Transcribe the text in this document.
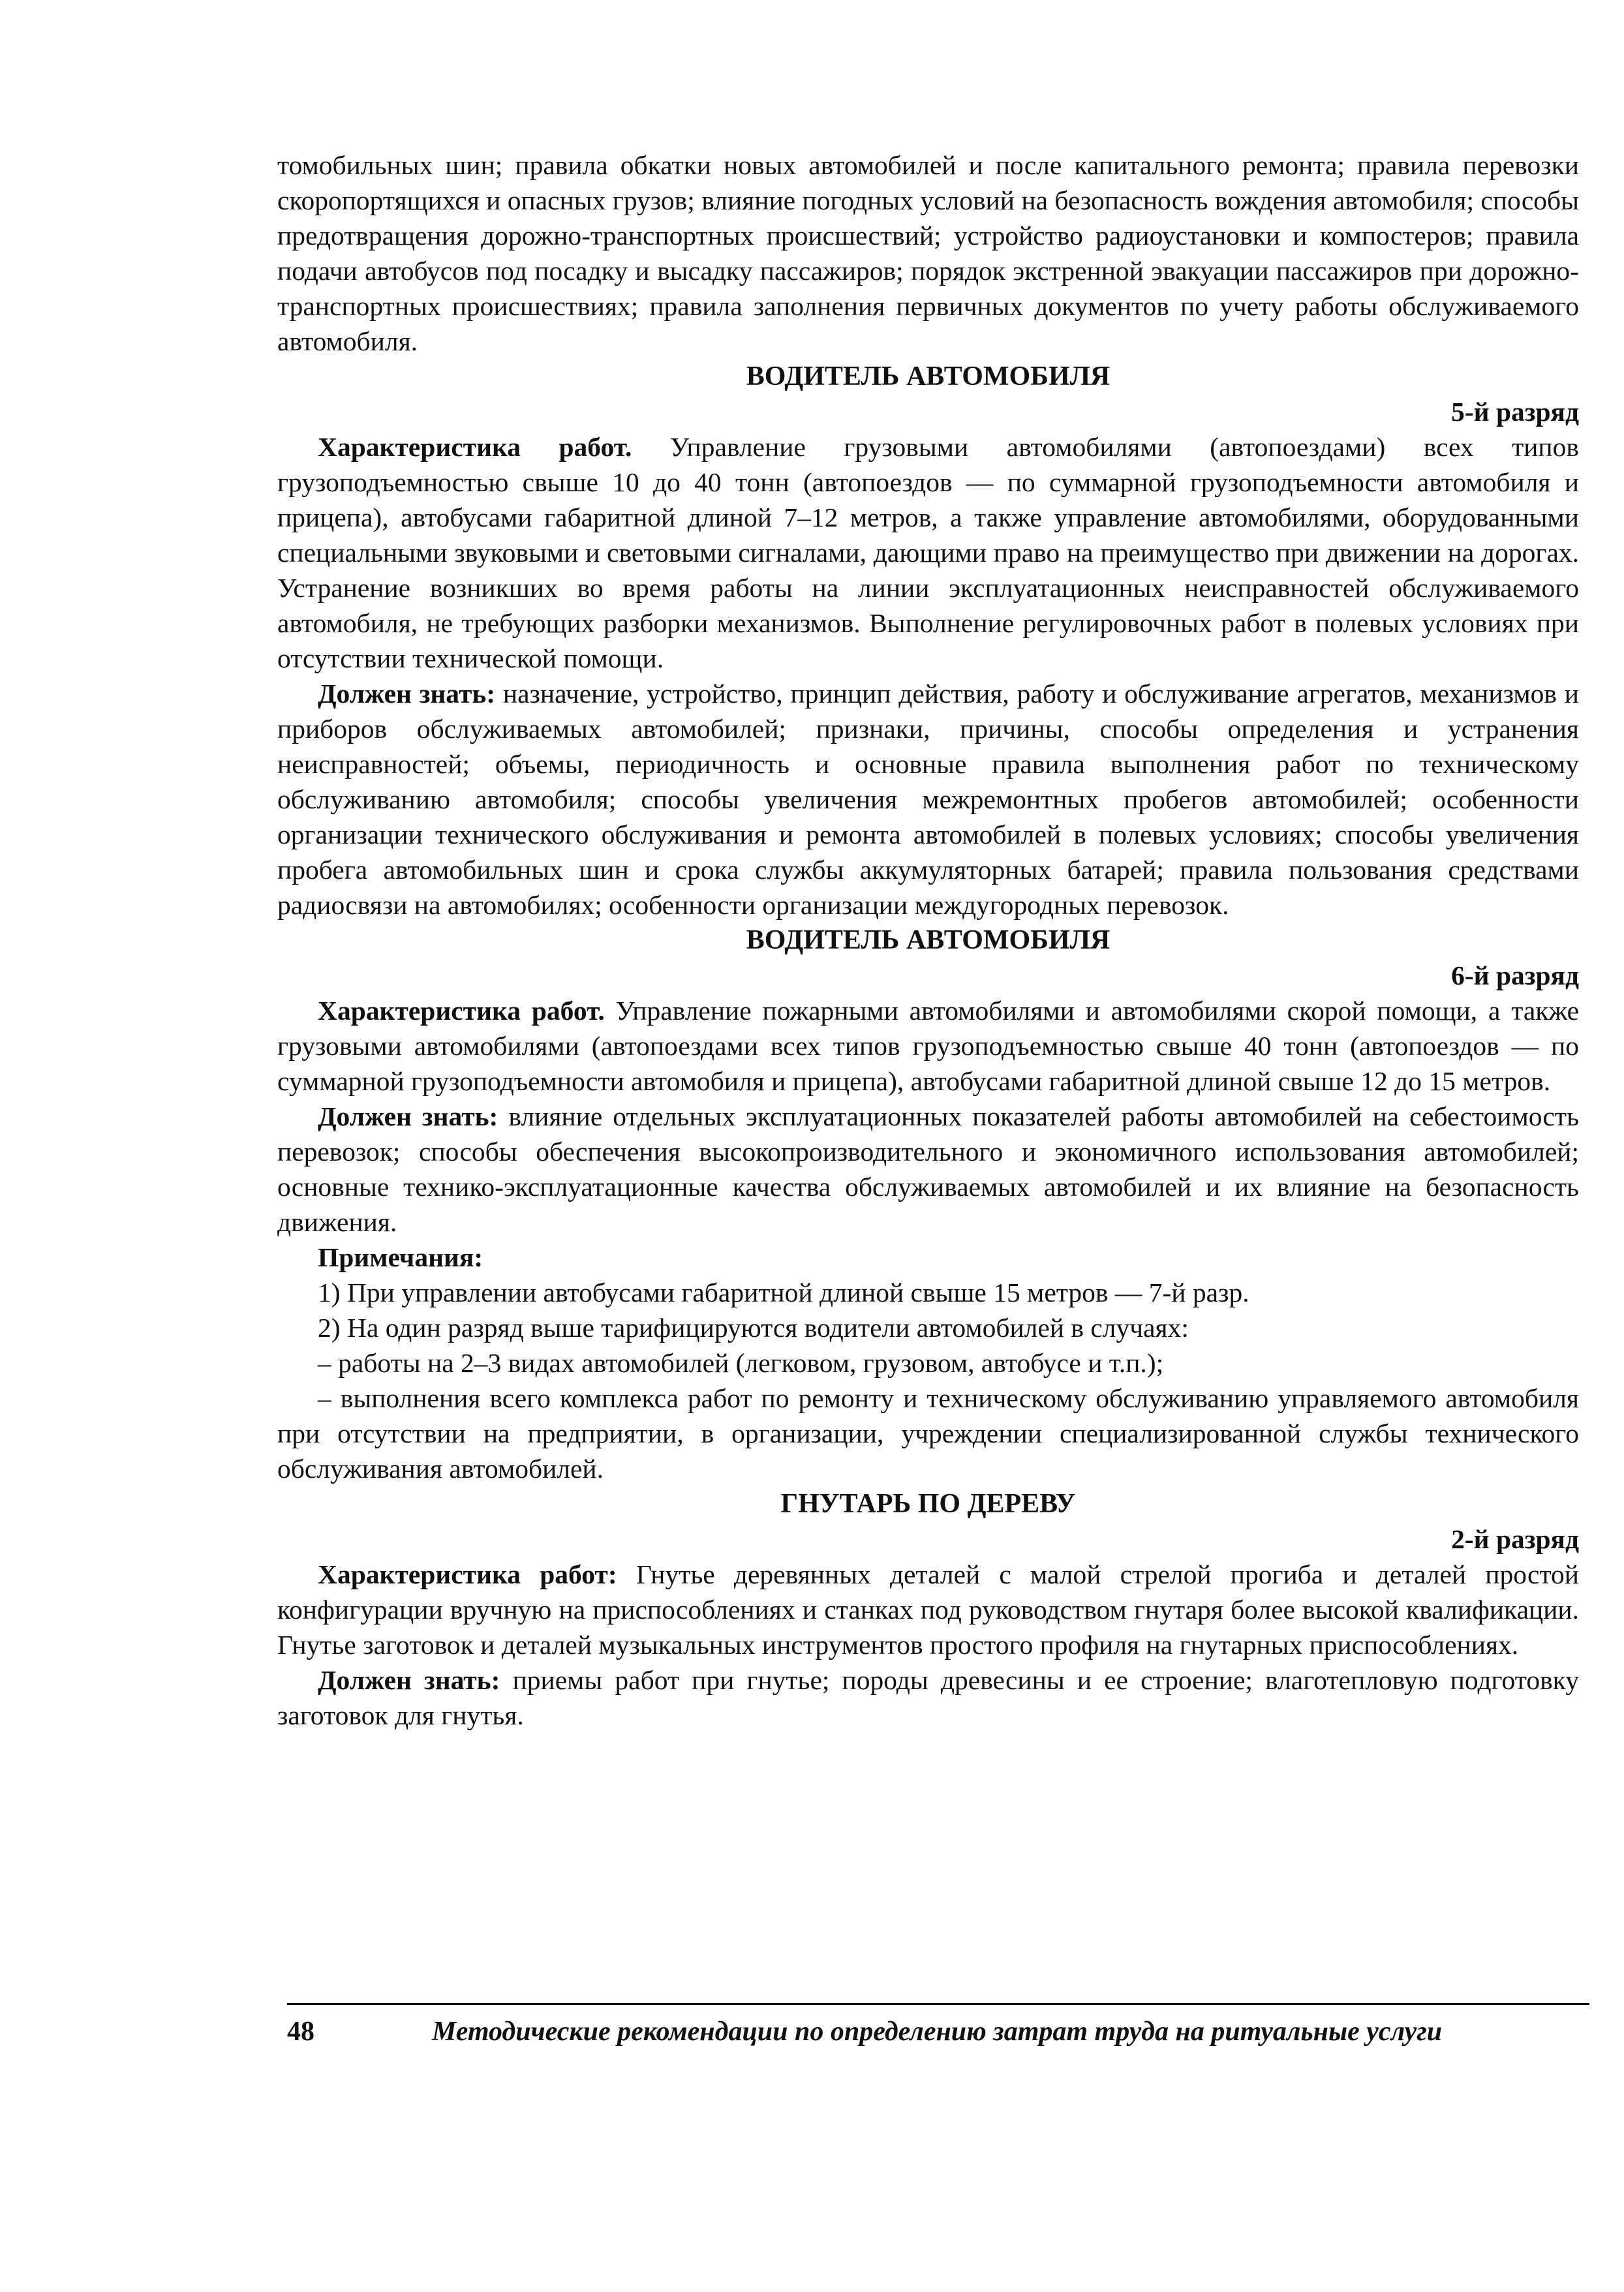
томобильных шин; правила обкатки новых автомобилей и после капитального ремонта; правила перевозки скоропортящихся и опасных грузов; влияние погодных условий на безопасность вождения автомобиля; способы предотвращения дорожно-транспортных происшествий; устройство радиоустановки и компостеров; правила подачи автобусов под посадку и высадку пассажиров; порядок экстренной эвакуации пассажиров при дорожно-транспортных происшествиях; правила заполнения первичных документов по учету работы обслуживаемого автомобиля.

ВОДИТЕЛЬ АВТОМОБИЛЯ

5-й разряд

Характеристика работ. Управление грузовыми автомобилями (автопоездами) всех типов грузоподъемностью свыше 10 до 40 тонн (автопоездов — по суммарной грузоподъемности автомобиля и прицепа), автобусами габаритной длиной 7–12 метров, а также управление автомобилями, оборудованными специальными звуковыми и световыми сигналами, дающими право на преимущество при движении на дорогах. Устранение возникших во время работы на линии эксплуатационных неисправностей обслуживаемого автомобиля, не требующих разборки механизмов. Выполнение регулировочных работ в полевых условиях при отсутствии технической помощи.

Должен знать: назначение, устройство, принцип действия, работу и обслуживание агрегатов, механизмов и приборов обслуживаемых автомобилей; признаки, причины, способы определения и устранения неисправностей; объемы, периодичность и основные правила выполнения работ по техническому обслуживанию автомобиля; способы увеличения межремонтных пробегов автомобилей; особенности организации технического обслуживания и ремонта автомобилей в полевых условиях; способы увеличения пробега автомобильных шин и срока службы аккумуляторных батарей; правила пользования средствами радиосвязи на автомобилях; особенности организации междугородных перевозок.

ВОДИТЕЛЬ АВТОМОБИЛЯ

6-й разряд

Характеристика работ. Управление пожарными автомобилями и автомобилями скорой помощи, а также грузовыми автомобилями (автопоездами всех типов грузоподъемностью свыше 40 тонн (автопоездов — по суммарной грузоподъемности автомобиля и прицепа), автобусами габаритной длиной свыше 12 до 15 метров.

Должен знать: влияние отдельных эксплуатационных показателей работы автомобилей на себестоимость перевозок; способы обеспечения высокопроизводительного и экономичного использования автомобилей; основные технико-эксплуатационные качества обслуживаемых автомобилей и их влияние на безопасность движения.

Примечания:

1) При управлении автобусами габаритной длиной свыше 15 метров — 7-й разр.

2) На один разряд выше тарифицируются водители автомобилей в случаях:

– работы на 2–3 видах автомобилей (легковом, грузовом, автобусе и т.п.);

– выполнения всего комплекса работ по ремонту и техническому обслуживанию управляемого автомобиля при отсутствии на предприятии, в организации, учреждении специализированной службы технического обслуживания автомобилей.

ГНУТАРЬ ПО ДЕРЕВУ

2-й разряд

Характеристика работ: Гнутье деревянных деталей с малой стрелой прогиба и деталей простой конфигурации вручную на приспособлениях и станках под руководством гнутаря более высокой квалификации. Гнутье заготовок и деталей музыкальных инструментов простого профиля на гнутарных приспособлениях.

Должен знать: приемы работ при гнутье; породы древесины и ее строение; влаготепловую подготовку заготовок для гнутья.

48	Методические рекомендации по определению затрат труда на ритуальные услуги
